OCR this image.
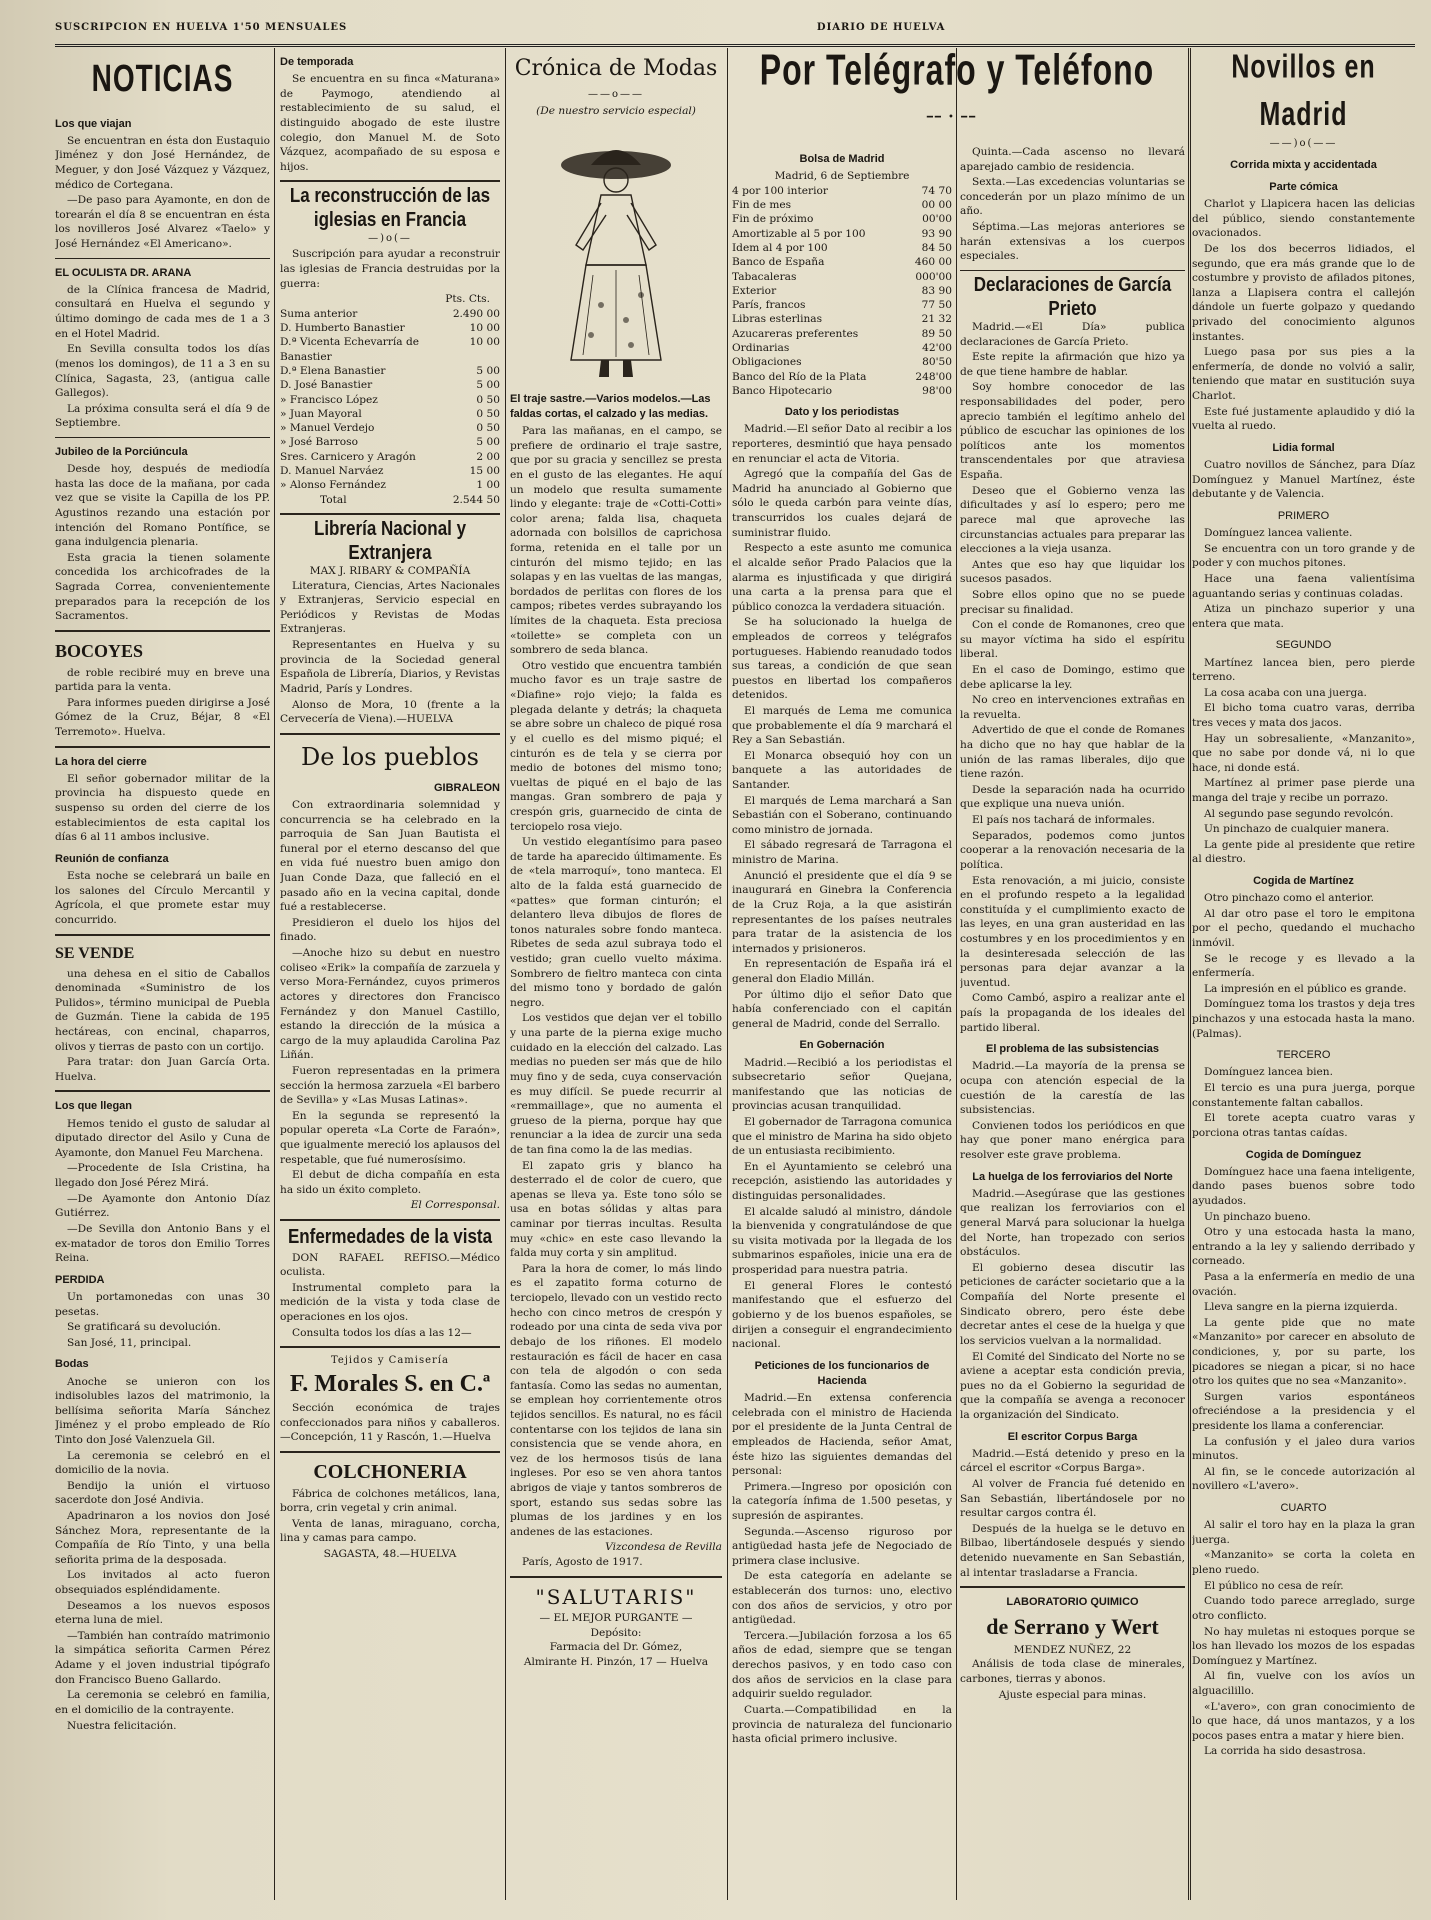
SUSCRIPCION EN HUELVA 1'50 MENSUALES	DIARIO DE HUELVA
NOTICIAS
Los que viajan

Se encuentran en ésta don Eustaquio Jiménez y don José Hernández, de Meguer, y don José Vázquez y Vázquez, médico de Cortegana.

—De paso para Ayamonte, en don de torearán el día 8 se encuentran en ésta los novilleros José Alvarez «Taelo» y José Hernández «El Americano».

EL OCULISTA DR. ARANA

de la Clínica francesa de Madrid, consultará en Huelva el segundo y último domingo de cada mes de 1 a 3 en el Hotel Madrid.

En Sevilla consulta todos los días (menos los domingos), de 11 a 3 en su Clínica, Sagasta, 23, (antigua calle Gallegos).

La próxima consulta será el día 9 de Septiembre.

Jubileo de la Porciúncula

Desde hoy, después de mediodía hasta las doce de la mañana, por cada vez que se visite la Capilla de los PP. Agustinos rezando una estación por intención del Romano Pontífice, se gana indulgencia plenaria.

Esta gracia la tienen solamente concedida los archicofrades de la Sagrada Correa, convenientemente preparados para la recepción de los Sacramentos.

BOCOYES

de roble recibiré muy en breve una partida para la venta.

Para informes pueden dirigirse a José Gómez de la Cruz, Béjar, 8 «El Terremoto». Huelva.

La hora del cierre

El señor gobernador militar de la provincia ha dispuesto quede en suspenso su orden del cierre de los establecimientos de esta capital los días 6 al 11 ambos inclusive.

Reunión de confianza

Esta noche se celebrará un baile en los salones del Círculo Mercantil y Agrícola, el que promete estar muy concurrido.

SE VENDE

una dehesa en el sitio de Caballos denominada «Suministro de los Pulidos», término municipal de Puebla de Guzmán. Tiene la cabida de 195 hectáreas, con encinal, chaparros, olivos y tierras de pasto con un cortijo.

Para tratar: don Juan García Orta. Huelva.

Los que llegan

Hemos tenido el gusto de saludar al diputado director del Asilo y Cuna de Ayamonte, don Manuel Feu Marchena.

—Procedente de Isla Cristina, ha llegado don José Pérez Mirá.

—De Ayamonte don Antonio Díaz Gutiérrez.

—De Sevilla don Antonio Bans y el ex-matador de toros don Emilio Torres Reina.

PERDIDA

Un portamonedas con unas 30 pesetas.

Se gratificará su devolución.

San José, 11, principal.

Bodas

Anoche se unieron con los indisolubles lazos del matrimonio, la bellísima señorita María Sánchez Jiménez y el probo empleado de Río Tinto don José Valenzuela Gil.

La ceremonia se celebró en el domicilio de la novia.

Bendijo la unión el virtuoso sacerdote don José Andivia.

Apadrinaron a los novios don José Sánchez Mora, representante de la Compañía de Río Tinto, y una bella señorita prima de la desposada.

Los invitados al acto fueron obsequiados espléndidamente.

Deseamos a los nuevos esposos eterna luna de miel.

—También han contraído matrimonio la simpática señorita Carmen Pérez Adame y el joven industrial tipógrafo don Francisco Bueno Gallardo.

La ceremonia se celebró en familia, en el domicilio de la contrayente.

Nuestra felicitación.

De temporada

Se encuentra en su finca «Maturana» de Paymogo, atendiendo al restablecimiento de su salud, el distinguido abogado de este ilustre colegio, don Manuel M. de Soto Vázquez, acompañado de su esposa e hijos.

La reconstrucción de las iglesias en Francia
—)o(—

Suscripción para ayudar a reconstruir las iglesias de Francia destruidas por la guerra:

Pts. Cts.
Suma anterior	2.490 00
D. Humberto Banastier	10 00
D.ª Vicenta Echevarría de Banastier	10 00
D.ª Elena Banastier	5 00
D. José Banastier	5 00
» Francisco López	0 50
» Juan Mayoral	0 50
» Manuel Verdejo	0 50
» José Barroso	5 00
Sres. Carnicero y Aragón	2 00
D. Manuel Narváez	15 00
» Alonso Fernández	1 00
Total	2.544 50
Librería Nacional y Extranjera
MAX J. RIBARY & COMPAÑÍA

Literatura, Ciencias, Artes Nacionales y Extranjeras, Servicio especial en Periódicos y Revistas de Modas Extranjeras.

Representantes en Huelva y su provincia de la Sociedad general Española de Librería, Diarios, y Revistas Madrid, París y Londres.

Alonso de Mora, 10 (frente a la Cervecería de Viena).—HUELVA

De los pueblos
GIBRALEON

Con extraordinaria solemnidad y concurrencia se ha celebrado en la parroquia de San Juan Bautista el funeral por el eterno descanso del que en vida fué nuestro buen amigo don Juan Conde Daza, que falleció en el pasado año en la vecina capital, donde fué a restablecerse.

Presidieron el duelo los hijos del finado.

—Anoche hizo su debut en nuestro coliseo «Erik» la compañía de zarzuela y verso Mora-Fernández, cuyos primeros actores y directores don Francisco Fernández y don Manuel Castillo, estando la dirección de la música a cargo de la muy aplaudida Carolina Paz Liñán.

Fueron representadas en la primera sección la hermosa zarzuela «El barbero de Sevilla» y «Las Musas Latinas».

En la segunda se representó la popular opereta «La Corte de Faraón», que igualmente mereció los aplausos del respetable, que fué numerosísimo.

El debut de dicha compañía en esta ha sido un éxito completo.

El Corresponsal.
Enfermedades de la vista

DON RAFAEL REFISO.—Médico oculista.

Instrumental completo para la medición de la vista y toda clase de operaciones en los ojos.

Consulta todos los días a las 12—

Tejidos y Camisería
F. Morales S. en C.ª

Sección económica de trajes confeccionados para niños y caballeros.—Concepción, 11 y Rascón, 1.—Huelva

COLCHONERIA

Fábrica de colchones metálicos, lana, borra, crin vegetal y crin animal.

Venta de lanas, miraguano, corcha, lina y camas para campo.

SAGASTA, 48.—HUELVA
Crónica de Modas
——o——
(De nuestro servicio especial)
El traje sastre.—Varios modelos.—Las faldas cortas, el calzado y las medias.

Para las mañanas, en el campo, se prefiere de ordinario el traje sastre, que por su gracia y sencillez se presta en el gusto de las elegantes. He aquí un modelo que resulta sumamente lindo y elegante: traje de «Cotti-Cotti» color arena; falda lisa, chaqueta adornada con bolsillos de caprichosa forma, retenida en el talle por un cinturón del mismo tejido; en las solapas y en las vueltas de las mangas, bordados de perlitas con flores de los campos; ribetes verdes subrayando los límites de la chaqueta. Esta preciosa «toilette» se completa con un sombrero de seda blanca.

Otro vestido que encuentra también mucho favor es un traje sastre de «Diafine» rojo viejo; la falda es plegada delante y detrás; la chaqueta se abre sobre un chaleco de piqué rosa y el cuello es del mismo piqué; el cinturón es de tela y se cierra por medio de botones del mismo tono; vueltas de piqué en el bajo de las mangas. Gran sombrero de paja y crespón gris, guarnecido de cinta de terciopelo rosa viejo.

Un vestido elegantísimo para paseo de tarde ha aparecido últimamente. Es de «tela marroquí», tono manteca. El alto de la falda está guarnecido de «pattes» que forman cinturón; el delantero lleva dibujos de flores de tonos naturales sobre fondo manteca. Ribetes de seda azul subraya todo el vestido; gran cuello vuelto máxima. Sombrero de fieltro manteca con cinta del mismo tono y bordado de galón negro.

Los vestidos que dejan ver el tobillo y una parte de la pierna exige mucho cuidado en la elección del calzado. Las medias no pueden ser más que de hilo muy fino y de seda, cuya conservación es muy difícil. Se puede recurrir al «remmaillage», que no aumenta el grueso de la pierna, porque hay que renunciar a la idea de zurcir una seda de tan fina como la de las medias.

El zapato gris y blanco ha desterrado el de color de cuero, que apenas se lleva ya. Este tono sólo se usa en botas sólidas y altas para caminar por tierras incultas. Resulta muy «chic» en este caso llevando la falda muy corta y sin amplitud.

Para la hora de comer, lo más lindo es el zapatito forma coturno de terciopelo, llevado con un vestido recto hecho con cinco metros de crespón y rodeado por una cinta de seda viva por debajo de los riñones. El modelo restauración es fácil de hacer en casa con tela de algodón o con seda fantasía. Como las sedas no aumentan, se emplean hoy corrientemente otros tejidos sencillos. Es natural, no es fácil contentarse con los tejidos de lana sin consistencia que se vende ahora, en vez de los hermosos tisús de lana ingleses. Por eso se ven ahora tantos abrigos de viaje y tantos sombreros de sport, estando sus sedas sobre las plumas de los jardines y en los andenes de las estaciones.

Vizcondesa de Revilla
París, Agosto de 1917.
"SALUTARIS"
— EL MEJOR PURGANTE —
Depósito:
Farmacia del Dr. Gómez,
Almirante H. Pinzón, 17 — Huelva
Por Telégrafo y Teléfono
━━ • ━━
Bolsa de Madrid
Madrid, 6 de Septiembre
4 por 100 interior	74 70
Fin de mes	00 00
Fin de próximo	00'00
Amortizable al 5 por 100	93 90
Idem al 4 por 100	84 50
Banco de España	460 00
Tabacaleras	000'00
Exterior	83 90
París, francos	77 50
Libras esterlinas	21 32
Azucareras preferentes	89 50
Ordinarias	42'00
Obligaciones	80'50
Banco del Río de la Plata	248'00
Banco Hipotecario	98'00
Dato y los periodistas

Madrid.—El señor Dato al recibir a los reporteres, desmintió que haya pensado en renunciar el acta de Vitoria.

Agregó que la compañía del Gas de Madrid ha anunciado al Gobierno que sólo le queda carbón para veinte días, transcurridos los cuales dejará de suministrar fluido.

Respecto a este asunto me comunica el alcalde señor Prado Palacios que la alarma es injustificada y que dirigirá una carta a la prensa para que el público conozca la verdadera situación.

Se ha solucionado la huelga de empleados de correos y telégrafos portugueses. Habiendo reanudado todos sus tareas, a condición de que sean puestos en libertad los compañeros detenidos.

El marqués de Lema me comunica que probablemente el día 9 marchará el Rey a San Sebastián.

El Monarca obsequió hoy con un banquete a las autoridades de Santander.

El marqués de Lema marchará a San Sebastián con el Soberano, continuando como ministro de jornada.

El sábado regresará de Tarragona el ministro de Marina.

Anunció el presidente que el día 9 se inaugurará en Ginebra la Conferencia de la Cruz Roja, a la que asistirán representantes de los países neutrales para tratar de la asistencia de los internados y prisioneros.

En representación de España irá el general don Eladio Millán.

Por último dijo el señor Dato que había conferenciado con el capitán general de Madrid, conde del Serrallo.

En Gobernación

Madrid.—Recibió a los periodistas el subsecretario señor Quejana, manifestando que las noticias de provincias acusan tranquilidad.

El gobernador de Tarragona comunica que el ministro de Marina ha sido objeto de un entusiasta recibimiento.

En el Ayuntamiento se celebró una recepción, asistiendo las autoridades y distinguidas personalidades.

El alcalde saludó al ministro, dándole la bienvenida y congratulándose de que su visita motivada por la llegada de los submarinos españoles, inicie una era de prosperidad para nuestra patria.

El general Flores le contestó manifestando que el esfuerzo del gobierno y de los buenos españoles, se dirijen a conseguir el engrandecimiento nacional.

Peticiones de los funcionarios de Hacienda

Madrid.—En extensa conferencia celebrada con el ministro de Hacienda por el presidente de la Junta Central de empleados de Hacienda, señor Amat, éste hizo las siguientes demandas del personal:

Primera.—Ingreso por oposición con la categoría ínfima de 1.500 pesetas, y supresión de aspirantes.

Segunda.—Ascenso riguroso por antigüedad hasta jefe de Negociado de primera clase inclusive.

De esta categoría en adelante se establecerán dos turnos: uno, electivo con dos años de servicios, y otro por antigüedad.

Tercera.—Jubilación forzosa a los 65 años de edad, siempre que se tengan derechos pasivos, y en todo caso con dos años de servicios en la clase para adquirir sueldo regulador.

Cuarta.—Compatibilidad en la provincia de naturaleza del funcionario hasta oficial primero inclusive.

Quinta.—Cada ascenso no llevará aparejado cambio de residencia.

Sexta.—Las excedencias voluntarias se concederán por un plazo mínimo de un año.

Séptima.—Las mejoras anteriores se harán extensivas a los cuerpos especiales.

Declaraciones de García Prieto

Madrid.—«El Día» publica declaraciones de García Prieto.

Este repite la afirmación que hizo ya de que tiene hambre de hablar.

Soy hombre conocedor de las responsabilidades del poder, pero aprecio también el legítimo anhelo del público de escuchar las opiniones de los políticos ante los momentos transcendentales por que atraviesa España.

Deseo que el Gobierno venza las dificultades y así lo espero; pero me parece mal que aproveche las circunstancias actuales para preparar las elecciones a la vieja usanza.

Antes que eso hay que liquidar los sucesos pasados.

Sobre ellos opino que no se puede precisar su finalidad.

Con el conde de Romanones, creo que su mayor víctima ha sido el espíritu liberal.

En el caso de Domingo, estimo que debe aplicarse la ley.

No creo en intervenciones extrañas en la revuelta.

Advertido de que el conde de Romanes ha dicho que no hay que hablar de la unión de las ramas liberales, dijo que tiene razón.

Desde la separación nada ha ocurrido que explique una nueva unión.

El país nos tachará de informales.

Separados, podemos como juntos cooperar a la renovación necesaria de la política.

Esta renovación, a mi juicio, consiste en el profundo respeto a la legalidad constituída y el cumplimiento exacto de las leyes, en una gran austeridad en las costumbres y en los procedimientos y en la desinteresada selección de las personas para dejar avanzar a la juventud.

Como Cambó, aspiro a realizar ante el país la propaganda de los ideales del partido liberal.

El problema de las subsistencias

Madrid.—La mayoría de la prensa se ocupa con atención especial de la cuestión de la carestía de las subsistencias.

Convienen todos los periódicos en que hay que poner mano enérgica para resolver este grave problema.

La huelga de los ferroviarios del Norte

Madrid.—Asegúrase que las gestiones que realizan los ferroviarios con el general Marvá para solucionar la huelga del Norte, han tropezado con serios obstáculos.

El gobierno desea discutir las peticiones de carácter societario que a la Compañía del Norte presente el Sindicato obrero, pero éste debe decretar antes el cese de la huelga y que los servicios vuelvan a la normalidad.

El Comité del Sindicato del Norte no se aviene a aceptar esta condición previa, pues no da el Gobierno la seguridad de que la compañía se avenga a reconocer la organización del Sindicato.

El escritor Corpus Barga

Madrid.—Está detenido y preso en la cárcel el escritor «Corpus Barga».

Al volver de Francia fué detenido en San Sebastián, libertándosele por no resultar cargos contra él.

Después de la huelga se le detuvo en Bilbao, libertándosele después y siendo detenido nuevamente en San Sebastián, al intentar trasladarse a Francia.

LABORATORIO QUIMICO
de Serrano y Wert
MENDEZ NUÑEZ, 22

Análisis de toda clase de minerales, carbones, tierras y abonos.

Ajuste especial para minas.
Novillos en Madrid
——)o(——
Corrida mixta y accidentada
Parte cómica

Charlot y Llapicera hacen las delicias del público, siendo constantemente ovacionados.

De los dos becerros lidiados, el segundo, que era más grande que lo de costumbre y provisto de afilados pitones, lanza a Llapisera contra el callejón dándole un fuerte golpazo y quedando privado del conocimiento algunos instantes.

Luego pasa por sus pies a la enfermería, de donde no volvió a salir, teniendo que matar en sustitución suya Charlot.

Este fué justamente aplaudido y dió la vuelta al ruedo.

Lidia formal

Cuatro novillos de Sánchez, para Díaz Domínguez y Manuel Martínez, éste debutante y de Valencia.

PRIMERO

Domínguez lancea valiente.

Se encuentra con un toro grande y de poder y con muchos pitones.

Hace una faena valientísima aguantando serias y continuas coladas.

Atiza un pinchazo superior y una entera que mata.

SEGUNDO

Martínez lancea bien, pero pierde terreno.

La cosa acaba con una juerga.

El bicho toma cuatro varas, derriba tres veces y mata dos jacos.

Hay un sobresaliente, «Manzanito», que no sabe por donde vá, ni lo que hace, ni donde está.

Martínez al primer pase pierde una manga del traje y recibe un porrazo.

Al segundo pase segundo revolcón.

Un pinchazo de cualquier manera.

La gente pide al presidente que retire al diestro.

Cogida de Martínez

Otro pinchazo como el anterior.

Al dar otro pase el toro le empitona por el pecho, quedando el muchacho inmóvil.

Se le recoge y es llevado a la enfermería.

La impresión en el público es grande.

Domínguez toma los trastos y deja tres pinchazos y una estocada hasta la mano. (Palmas).

TERCERO

Domínguez lancea bien.

El tercio es una pura juerga, porque constantemente faltan caballos.

El torete acepta cuatro varas y porciona otras tantas caídas.

Cogida de Domínguez

Domínguez hace una faena inteligente, dando pases buenos sobre todo ayudados.

Un pinchazo bueno.

Otro y una estocada hasta la mano, entrando a la ley y saliendo derribado y corneado.

Pasa a la enfermería en medio de una ovación.

Lleva sangre en la pierna izquierda.

La gente pide que no mate «Manzanito» por carecer en absoluto de condiciones, y, por su parte, los picadores se niegan a picar, si no hace otro los quites que no sea «Manzanito».

Surgen varios espontáneos ofreciéndose a la presidencia y el presidente los llama a conferenciar.

La confusión y el jaleo dura varios minutos.

Al fin, se le concede autorización al novillero «L'avero».

CUARTO

Al salir el toro hay en la plaza la gran juerga.

«Manzanito» se corta la coleta en pleno ruedo.

El público no cesa de reír.

Cuando todo parece arreglado, surge otro conflicto.

No hay muletas ni estoques porque se los han llevado los mozos de los espadas Domínguez y Martínez.

Al fin, vuelve con los avíos un alguacilillo.

«L'avero», con gran conocimiento de lo que hace, dá unos mantazos, y a los pocos pases entra a matar y hiere bien.

La corrida ha sido desastrosa.
